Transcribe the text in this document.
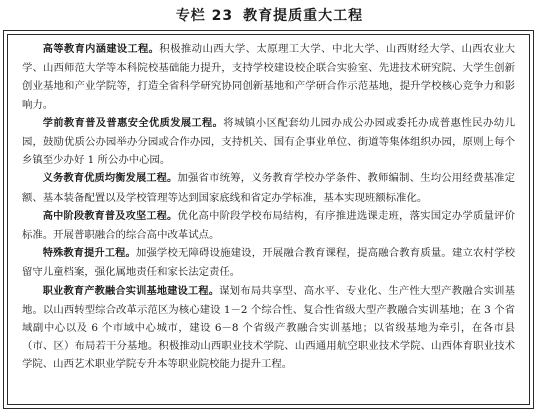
专栏 23 教育提质重大工程

高等教育内涵建设工程。积极推动山西大学、太原理工大学、中北大学、山西财经大学、山西农业大学、山西师范大学等本科院校基础能力提升，支持学校建设校企联合实验室、先进技术研究院、大学生创新创业基地和产业学院等，打造全省科学研究协同创新基地和产学研合作示范基地，提升学校核心竞争力和影响力。

学前教育普及普惠安全优质发展工程。将城镇小区配套幼儿园办成公办园或委托办成普惠性民办幼儿园，鼓励优质公办园举办分园或合作办园，支持机关、国有企事业单位、街道等集体组织办园，原则上每个乡镇至少办好 1 所公办中心园。

义务教育优质均衡发展工程。加强省市统筹，义务教育学校办学条件、教师编制、生均公用经费基准定额、基本装备配置以及学校管理等达到国家底线和省定办学标准，基本实现班额标准化。

高中阶段教育普及攻坚工程。优化高中阶段学校布局结构，有序推进选课走班，落实国定办学质量评价标准。开展普职融合的综合高中改革试点。

特殊教育提升工程。加强学校无障碍设施建设，开展融合教育课程，提高融合教育质量。建立农村学校留守儿童档案，强化属地责任和家长法定责任。

职业教育产教融合实训基地建设工程。谋划布局共享型、高水平、专业化、生产性大型产教融合实训基地。以山西转型综合改革示范区为核心建设 1－2 个综合性、复合性省级大型产教融合实训基地；在 3 个省域副中心以及 6 个市域中心城市，建设 6－8 个省级产教融合实训基地；以省级基地为牵引，在各市县（市、区）布局若干分基地。积极推动山西职业技术学院、山西通用航空职业技术学院、山西体育职业技术学院、山西艺术职业学院专升本等职业院校能力提升工程。
